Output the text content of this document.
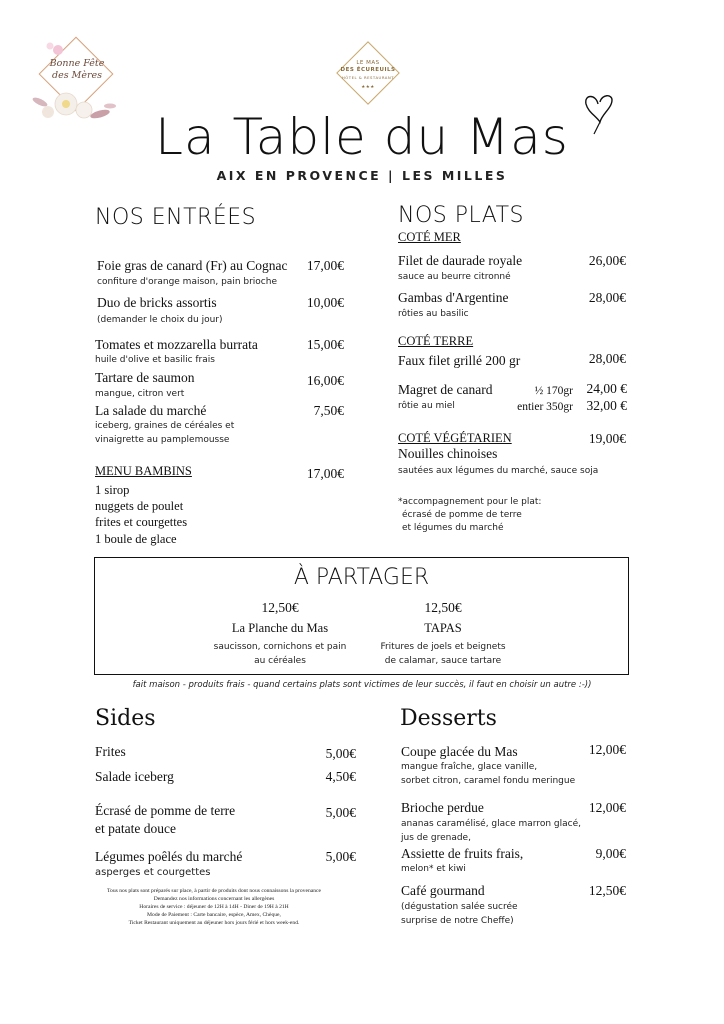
Bonne Fête
des Mères
LE MAS
DES ÉCUREUILS
HÔTEL & RESTAURANT
★★★
La Table du Mas
AIX EN PROVENCE | LES MILLES
NOS ENTRÉES
Foie gras de canard (Fr) au Cognac	17,00€
confiture d'orange maison, pain brioche
Duo de bricks assortis	10,00€
(demander le choix du jour)
Tomates et mozzarella burrata	15,00€
huile d'olive et basilic frais
Tartare de saumon	16,00€
mangue, citron vert
La salade du marché	7,50€
iceberg, graines de céréales et
vinaigrette au pamplemousse
MENU BAMBINS	17,00€
1 sirop
nuggets de poulet
frites et courgettes
1 boule de glace
NOS PLATS
COTÉ MER
Filet de daurade royale	26,00€
sauce au beurre citronné
Gambas d'Argentine	28,00€
rôties au basilic
COTÉ TERRE
Faux filet grillé 200 gr	28,00€
Magret de canard
rôtie au miel
½ 170gr	24,00 €
entier 350gr	32,00 €
COTÉ VÉGÉTARIEN	19,00€
Nouilles chinoises
sautées aux légumes du marché, sauce soja
*accompagnement pour le plat:
écrasé de pomme de terre
et légumes du marché
À PARTAGER
12,50€
La Planche du Mas
saucisson, cornichons et pain
au céréales
12,50€
TAPAS
Fritures de joels et beignets
de calamar, sauce tartare
fait maison - produits frais - quand certains plats sont victimes de leur succès, il faut en choisir un autre :-))
Sides
Frites	5,00€
Salade iceberg	4,50€
Écrasé de pomme de terre
et patate douce
5,00€
Légumes poêlés du marché	5,00€
asperges et courgettes
Desserts
Coupe glacée du Mas	12,00€
mangue fraîche, glace vanille,
sorbet citron, caramel fondu meringue
Brioche perdue	12,00€
ananas caramélisé, glace marron glacé,
jus de grenade,
Assiette de fruits frais,	9,00€
melon* et kiwi
Café gourmand	12,50€
(dégustation salée sucrée
surprise de notre Cheffe)
Tous nos plats sont préparés sur place, à partir de produits dont nous connaissons la provenance
Demandez nos informations concernant les allergènes
Horaires de service : déjeuner de 12H à 14H - Diner de 19H à 21H
Mode de Paiement : Carte bancaire, espèce, Amex, Chèque,
Ticket Restaurant uniquement au déjeuner hors jours férié et hors week-end.
